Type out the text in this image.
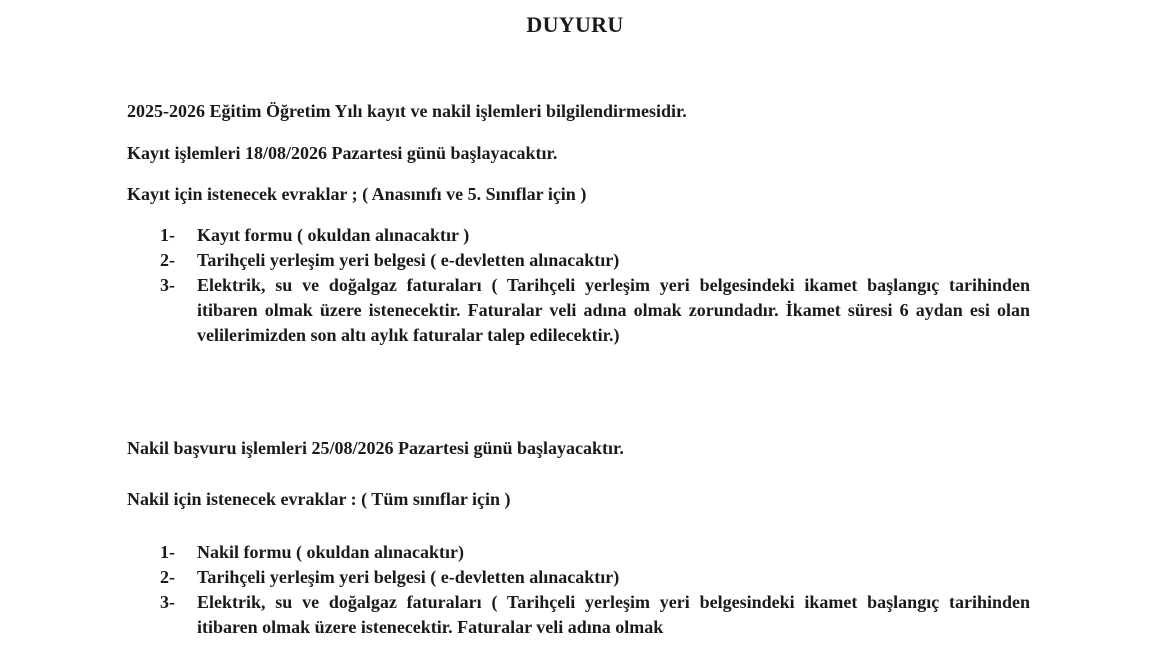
DUYURU
2025-2026 Eğitim Öğretim Yılı kayıt ve nakil işlemleri bilgilendirmesidir.
Kayıt işlemleri 18/08/2026 Pazartesi günü başlayacaktır.
Kayıt için istenecek evraklar ; ( Anasınıfı ve 5. Sınıflar için )
1- Kayıt formu ( okuldan alınacaktır )
2- Tarihçeli yerleşim yeri belgesi ( e-devletten alınacaktır)
3- Elektrik, su ve doğalgaz faturaları ( Tarihçeli yerleşim yeri belgesindeki ikamet başlangıç tarihinden itibaren olmak üzere istenecektir. Faturalar veli adına olmak zorundadır. İkamet süresi 6 aydan esi olan velilerimizden son altı aylık faturalar talep edilecektir.)
Nakil başvuru işlemleri 25/08/2026 Pazartesi günü başlayacaktır.
Nakil için istenecek evraklar : ( Tüm sınıflar için )
1- Nakil formu ( okuldan alınacaktır)
2- Tarihçeli yerleşim yeri belgesi ( e-devletten alınacaktır)
3- Elektrik, su ve doğalgaz faturaları ( Tarihçeli yerleşim yeri belgesindeki ikamet başlangıç tarihinden itibaren olmak üzere istenecektir. Faturalar veli adına olmak
